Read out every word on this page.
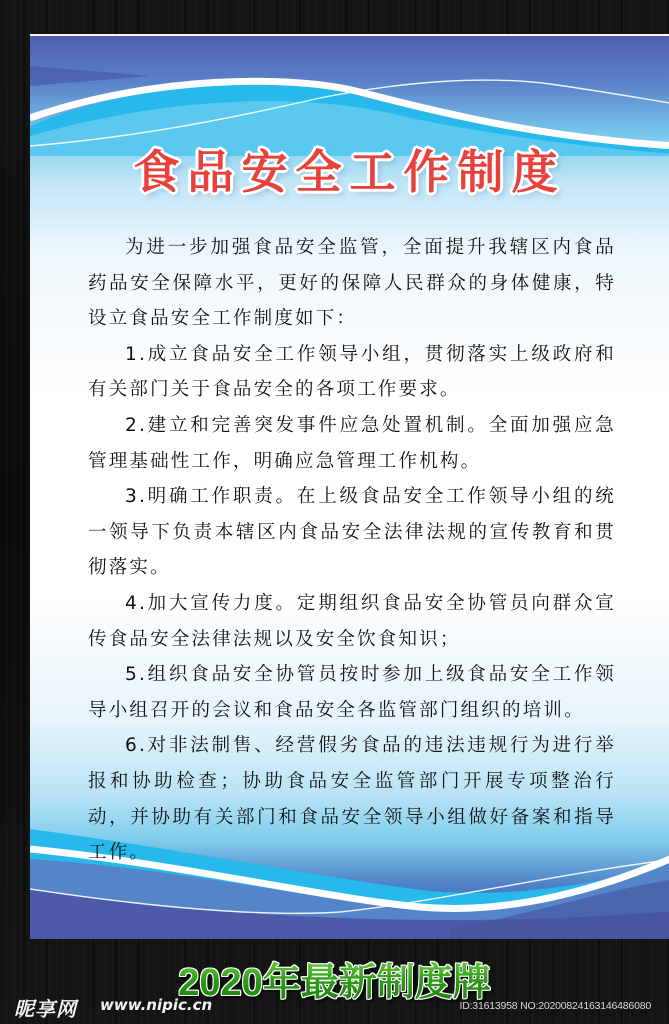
食品安全工作制度

为进一步加强食品安全监管，全面提升我辖区内食品药品安全保障水平，更好的保障人民群众的身体健康，特设立食品安全工作制度如下：

1.成立食品安全工作领导小组，贯彻落实上级政府和有关部门关于食品安全的各项工作要求。

2.建立和完善突发事件应急处置机制。全面加强应急管理基础性工作，明确应急管理工作机构。

3.明确工作职责。在上级食品安全工作领导小组的统一领导下负责本辖区内食品安全法律法规的宣传教育和贯彻落实。

4.加大宣传力度。定期组织食品安全协管员向群众宣传食品安全法律法规以及安全饮食知识；

5.组织食品安全协管员按时参加上级食品安全工作领导小组召开的会议和食品安全各监管部门组织的培训。

6.对非法制售、经营假劣食品的违法违规行为进行举报和协助检查；协助食品安全监管部门开展专项整治行动，并协助有关部门和食品安全领导小组做好备案和指导工作。

2020年最新制度牌
昵享网 www.nipic.cn	ID:31613958 NO:20200824163146486080
